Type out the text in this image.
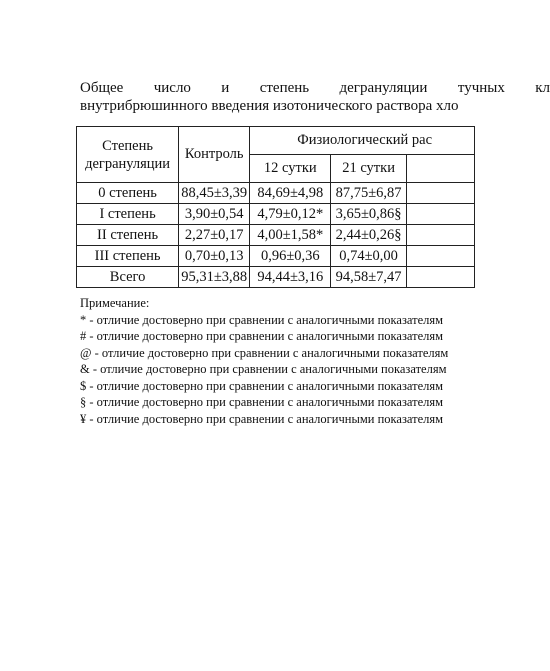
Общее число и степень дегрануляции тучных кл
внутрибрюшинного введения изотонического раствора хло
Степень дегрануляции	Контроль	Физиологический рас		

		12 сутки	21 сутки	
0 степень	88,45±3,39	84,69±4,98	87,75±6,87	
I степень	3,90±0,54	4,79±0,12*	3,65±0,86§	
II степень	2,27±0,17	4,00±1,58*	2,44±0,26§	
III степень	0,70±0,13	0,96±0,36	0,74±0,00	
Всего	95,31±3,88	94,44±3,16	94,58±7,47	
Примечание:
* - отличие достоверно при сравнении с аналогичными показателям
# - отличие достоверно при сравнении с аналогичными показателям
@ - отличие достоверно при сравнении с аналогичными показателям
& - отличие достоверно при сравнении с аналогичными показателям
$ - отличие достоверно при сравнении с аналогичными показателям
§ - отличие достоверно при сравнении с аналогичными показателям
¥ - отличие достоверно при сравнении с аналогичными показателям
